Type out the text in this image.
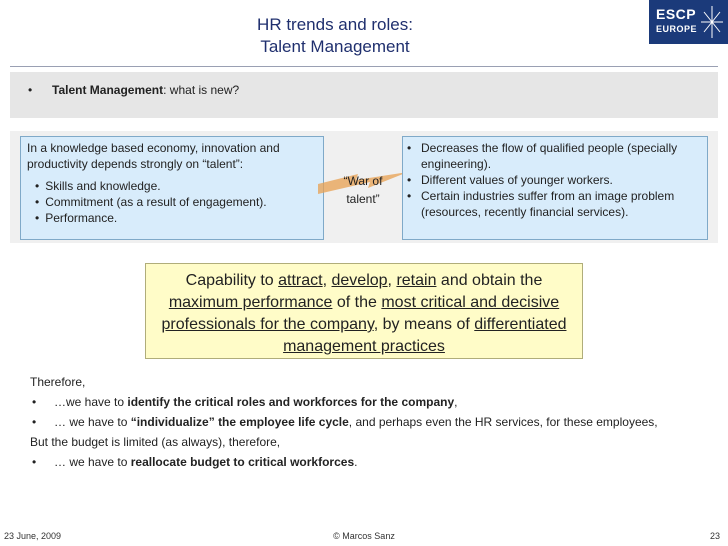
HR trends and roles:
Talent Management
ESCP
EUROPE
• Talent Management: what is new?
In a knowledge based economy, innovation and productivity depends strongly on “talent”:
• Skills and knowledge.
• Commitment (as a result of engagement).
• Performance.
“War of
talent”
• Decreases the flow of qualified people (specially engineering).
• Different values of younger workers.
• Certain industries suffer from an image problem (resources, recently financial services).
Capability to attract, develop, retain and obtain the maximum performance of the most critical and decisive professionals for the company, by means of differentiated management practices
Therefore,
•	…we have to identify the critical roles and workforces for the company,
•	… we have to “individualize” the employee life cycle, and perhaps even the HR services, for these employees,
But the budget is limited (as always), therefore,
•	… we have to reallocate budget to critical workforces.
23 June, 2009	© Marcos Sanz	23
